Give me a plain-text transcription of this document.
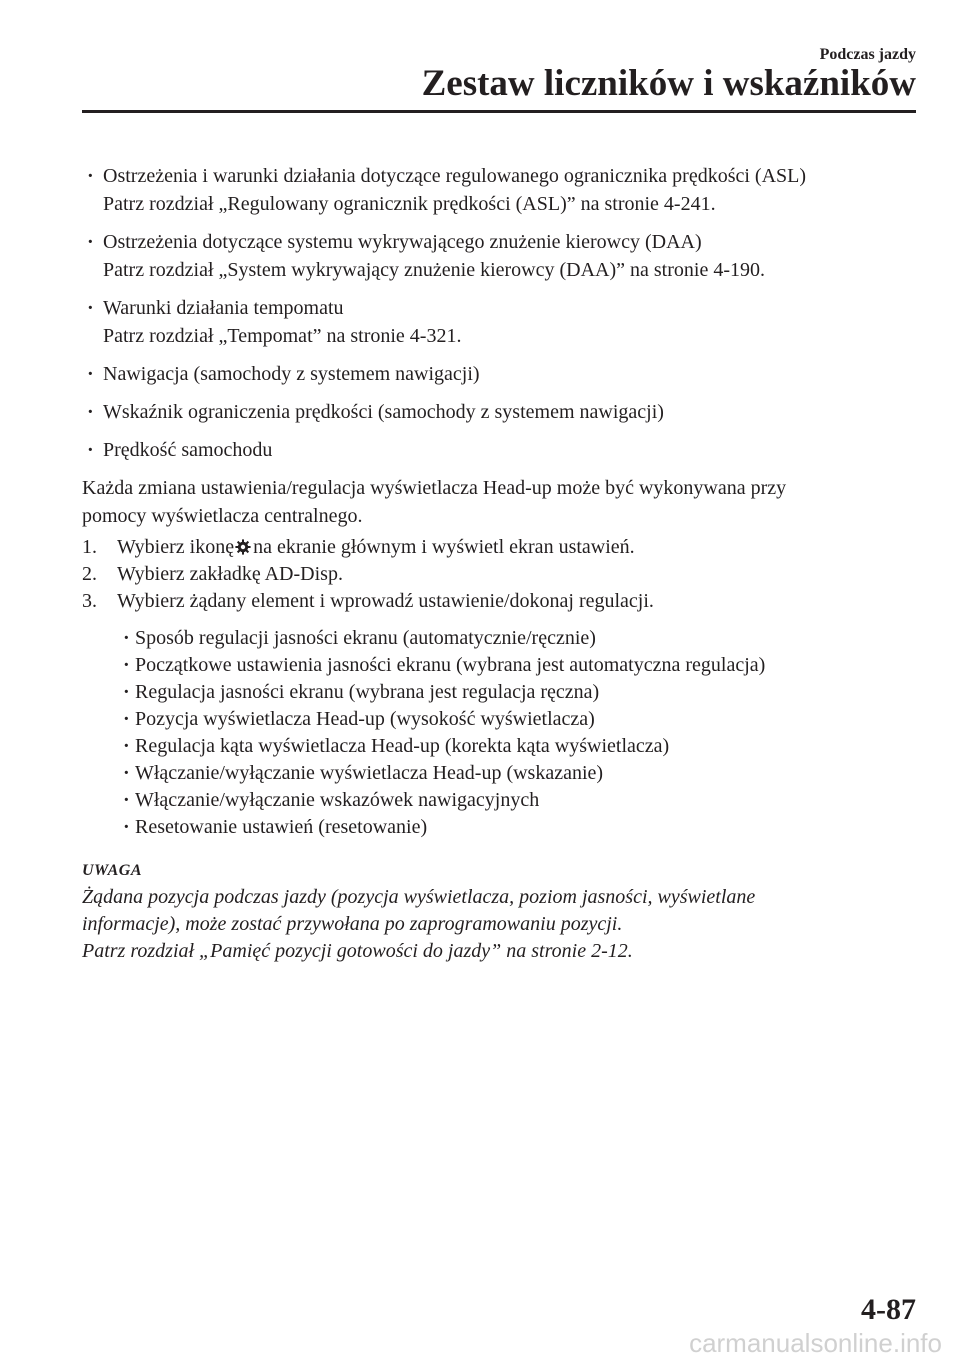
Podczas jazdy
Zestaw liczników i wskaźników
· Ostrzeżenia i warunki działania dotyczące regulowanego ogranicznika prędkości (ASL)
Patrz rozdział „Regulowany ogranicznik prędkości (ASL)” na stronie 4-241.
· Ostrzeżenia dotyczące systemu wykrywającego znużenie kierowcy (DAA)
Patrz rozdział „System wykrywający znużenie kierowcy (DAA)” na stronie 4-190.
· Warunki działania tempomatu
Patrz rozdział „Tempomat” na stronie 4-321.
· Nawigacja (samochody z systemem nawigacji)
· Wskaźnik ograniczenia prędkości (samochody z systemem nawigacji)
· Prędkość samochodu
Każda zmiana ustawienia/regulacja wyświetlacza Head-up może być wykonywana przy
pomocy wyświetlacza centralnego.
1.	Wybierz ikonę na ekranie głównym i wyświetl ekran ustawień.
2.	Wybierz zakładkę AD-Disp.
3.	Wybierz żądany element i wprowadź ustawienie/dokonaj regulacji.
· Sposób regulacji jasności ekranu (automatycznie/ręcznie)
· Początkowe ustawienia jasności ekranu (wybrana jest automatyczna regulacja)
· Regulacja jasności ekranu (wybrana jest regulacja ręczna)
· Pozycja wyświetlacza Head-up (wysokość wyświetlacza)
· Regulacja kąta wyświetlacza Head-up (korekta kąta wyświetlacza)
· Włączanie/wyłączanie wyświetlacza Head-up (wskazanie)
· Włączanie/wyłączanie wskazówek nawigacyjnych
· Resetowanie ustawień (resetowanie)
UWAGA
Żądana pozycja podczas jazdy (pozycja wyświetlacza, poziom jasności, wyświetlane
informacje), może zostać przywołana po zaprogramowaniu pozycji.
Patrz rozdział „Pamięć pozycji gotowości do jazdy” na stronie 2-12.
4-87
carmanualsonline.info
